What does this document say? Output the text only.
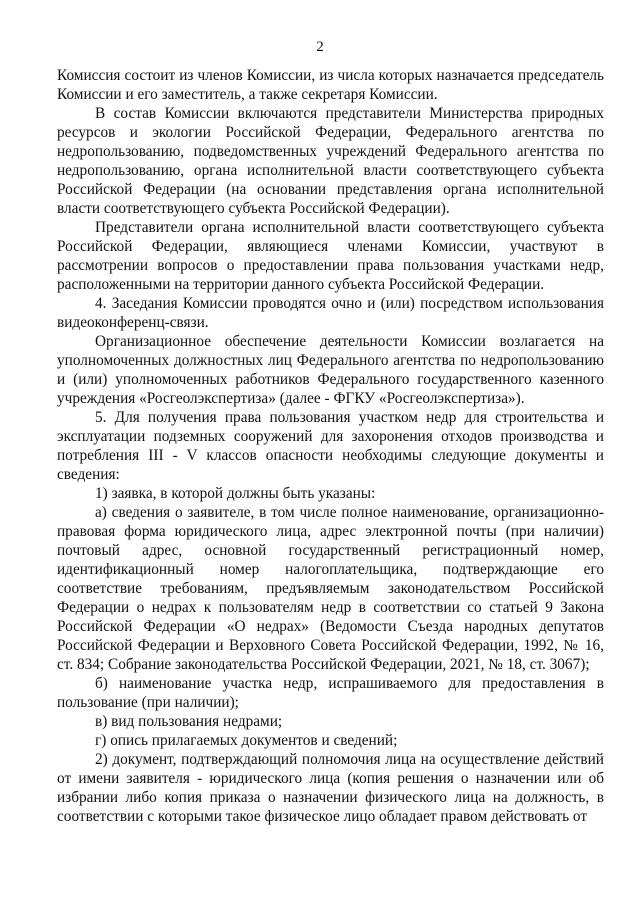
2

Комиссия состоит из членов Комиссии, из числа которых назначается председатель Комиссии и его заместитель, а также секретаря Комиссии.

В состав Комиссии включаются представители Министерства природных ресурсов и экологии Российской Федерации, Федерального агентства по недропользованию, подведомственных учреждений Федерального агентства по недропользованию, органа исполнительной власти соответствующего субъекта Российской Федерации (на основании представления органа исполнительной власти соответствующего субъекта Российской Федерации).

Представители органа исполнительной власти соответствующего субъекта Российской Федерации, являющиеся членами Комиссии, участвуют в рассмотрении вопросов о предоставлении права пользования участками недр, расположенными на территории данного субъекта Российской Федерации.

4. Заседания Комиссии проводятся очно и (или) посредством использования видеоконференц-связи.

Организационное обеспечение деятельности Комиссии возлагается на уполномоченных должностных лиц Федерального агентства по недропользованию и (или) уполномоченных работников Федерального государственного казенного учреждения «Росгеолэкспертиза» (далее - ФГКУ «Росгеолэкспертиза»).

5. Для получения права пользования участком недр для строительства и эксплуатации подземных сооружений для захоронения отходов производства и потребления III - V классов опасности необходимы следующие документы и сведения:

1) заявка, в которой должны быть указаны:

а) сведения о заявителе, в том числе полное наименование, организационно-правовая форма юридического лица, адрес электронной почты (при наличии) почтовый адрес, основной государственный регистрационный номер, идентификационный номер налогоплательщика, подтверждающие его соответствие требованиям, предъявляемым законодательством Российской Федерации о недрах к пользователям недр в соответствии со статьей 9 Закона Российской Федерации «О недрах» (Ведомости Съезда народных депутатов Российской Федерации и Верховного Совета Российской Федерации, 1992, № 16, ст. 834; Собрание законодательства Российской Федерации, 2021, № 18, ст. 3067);

б) наименование участка недр, испрашиваемого для предоставления в пользование (при наличии);

в) вид пользования недрами;

г) опись прилагаемых документов и сведений;

2) документ, подтверждающий полномочия лица на осуществление действий от имени заявителя - юридического лица (копия решения о назначении или об избрании либо копия приказа о назначении физического лица на должность, в соответствии с которыми такое физическое лицо обладает правом действовать от
